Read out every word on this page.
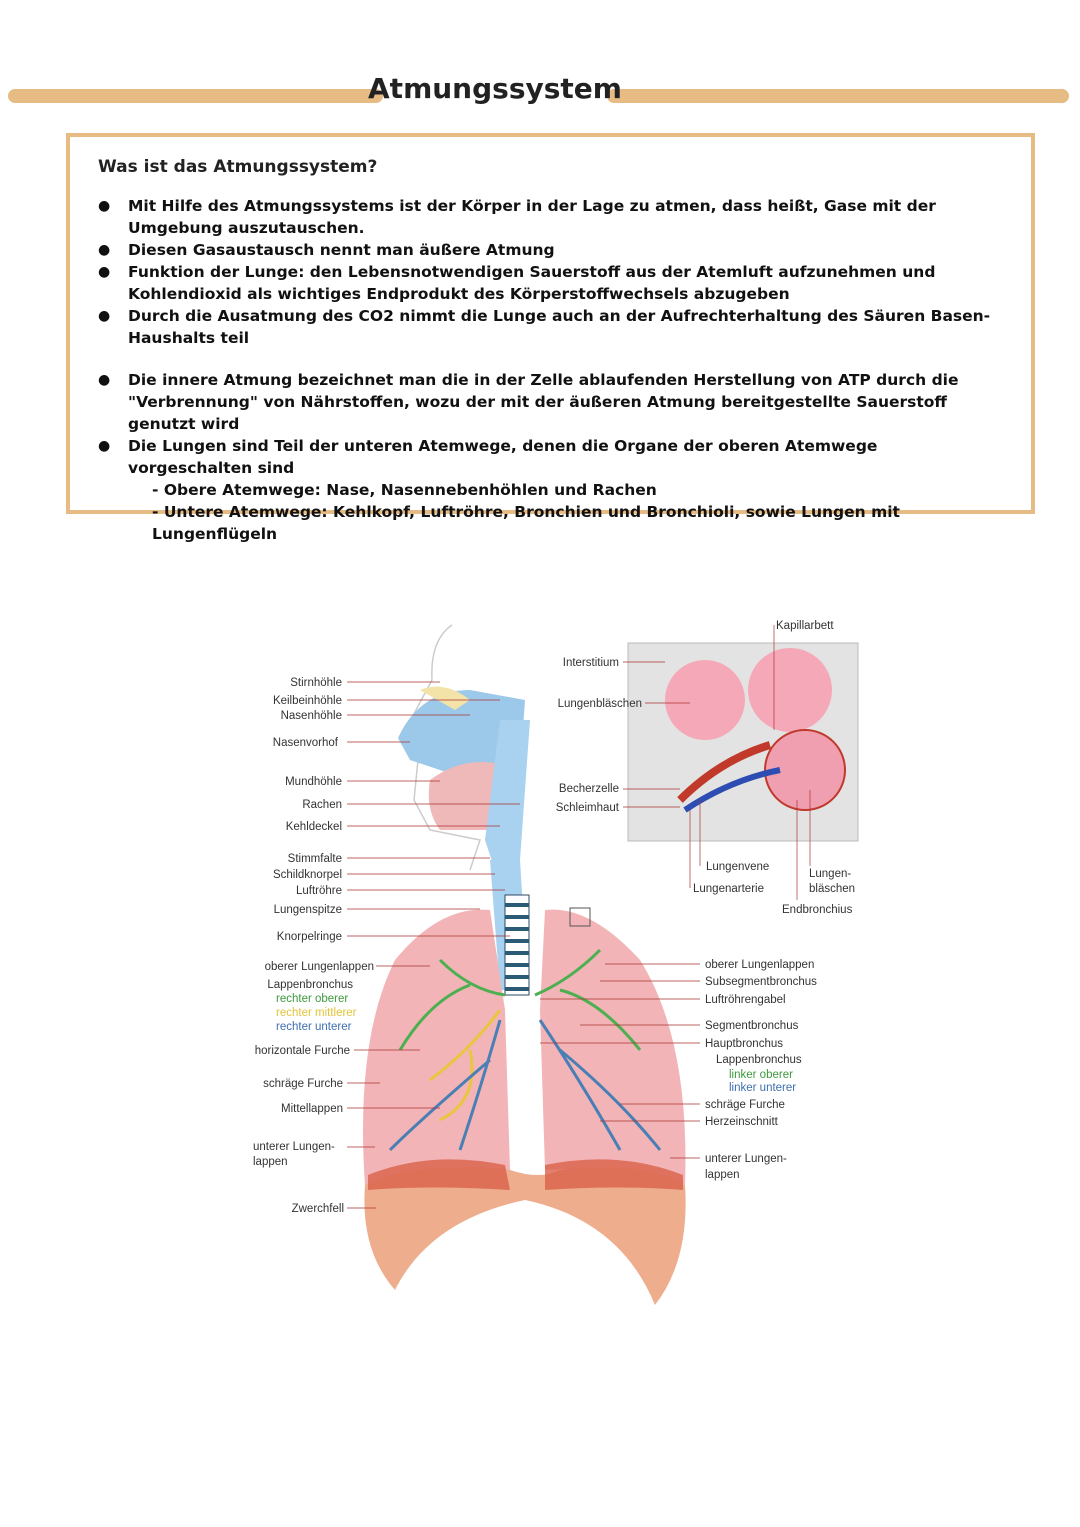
Atmungssystem
Was ist das Atmungssystem?
● Mit Hilfe des Atmungssystems ist der Körper in der Lage zu atmen, dass heißt, Gase mit der Umgebung auszutauschen.
● Diesen Gasaustausch nennt man äußere Atmung
● Funktion der Lunge: den Lebensnotwendigen Sauerstoff aus der Atemluft aufzunehmen und Kohlendioxid als wichtiges Endprodukt des Körperstoffwechsels abzugeben
● Durch die Ausatmung des CO2 nimmt die Lunge auch an der Aufrechterhaltung des Säuren Basen-Haushalts teil
● Die innere Atmung bezeichnet man die in der Zelle ablaufenden Herstellung von ATP durch die "Verbrennung" von Nährstoffen, wozu der mit der äußeren Atmung bereitgestellte Sauerstoff genutzt wird
● Die Lungen sind Teil der unteren Atemwege, denen die Organe der oberen Atemwege vorgeschalten sind
- Obere Atemwege: Nase, Nasennebenhöhlen und Rachen
- Untere Atemwege: Kehlkopf, Luftröhre, Bronchien und Bronchioli, sowie Lungen mit Lungenflügeln
Stirnhöhle
Keilbeinhöhle
Nasenhöhle
Nasenvorhof
Mundhöhle
Rachen
Kehldeckel
Stimmfalte
Schildknorpel
Luftröhre
Lungenspitze
Knorpelringe
oberer Lungenlappen
Lappenbronchus
rechter oberer
rechter mittlerer
rechter unterer
horizontale Furche
schräge Furche
Mittellappen
unterer Lungen-
lappen
Zwerchfell
Kapillarbett
Interstitium
Lungenbläschen
Becherzelle
Schleimhaut
Lungenvene
Lungenarterie
Lungen-
bläschen
Endbronchius
oberer Lungenlappen
Subsegmentbronchus
Luftröhrengabel
Segmentbronchus
Hauptbronchus
Lappenbronchus
linker oberer
linker unterer
schräge Furche
Herzeinschnitt
unterer Lungen-
lappen
